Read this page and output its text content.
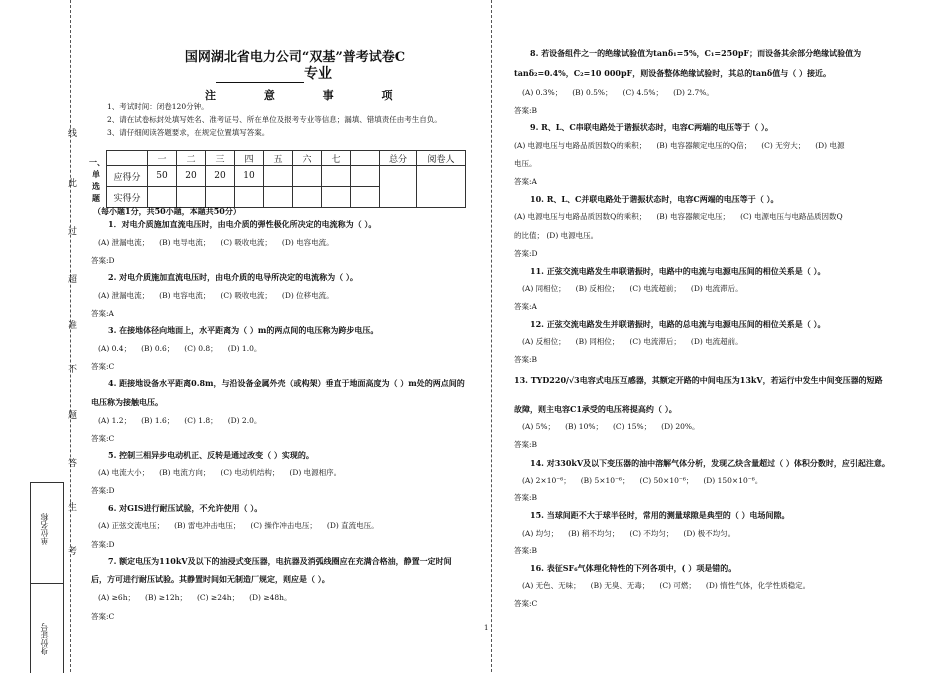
线
此
过
超
准
不
题
答
生
考
单位名称
身份证号
国网湖北省电力公司“双基”普考试卷C
专业
注 意 事 项
1、考试时间：闭卷120分钟。
2、请在试卷标封处填写姓名、准考证号、所在单位及报考专业等信息；漏填、错填责任由考生自负。
3、请仔细阅读答题要求，在规定位置填写答案。
一、单选题
	一	二	三	四	五	六	七		总分	阅卷人
应得分	50	20	20	10						
实得分										
（每小题1分，共50小题，本题共50分）
1．对电介质施加直流电压时，由电介质的弹性极化所决定的电流称为（ ）。
(A) 泄漏电流； (B) 电导电流； (C) 吸收电流； (D) 电容电流。
答案:D
2. 对电介质施加直流电压时，由电介质的电导所决定的电流称为（ ）。
(A) 泄漏电流； (B) 电容电流； (C) 吸收电流； (D) 位移电流。
答案:A
3. 在接地体径向地面上，水平距离为（ ）m的两点间的电压称为跨步电压。
(A) 0.4； (B) 0.6； (C) 0.8； (D) 1.0。
答案:C
4. 距接地设备水平距离0.8m，与沿设备金属外壳（或构架）垂直于地面高度为（ ）m处的两点间的
电压称为接触电压。
(A) 1.2； (B) 1.6； (C) 1.8； (D) 2.0。
答案:C
5. 控制三相异步电动机正、反转是通过改变（ ）实现的。
(A) 电流大小； (B) 电流方向； (C) 电动机结构； (D) 电源相序。
答案:D
6. 对GIS进行耐压试验，不允许使用（ ）。
(A) 正弦交流电压； (B) 雷电冲击电压； (C) 操作冲击电压； (D) 直流电压。
答案:D
7. 额定电压为110kV及以下的油浸式变压器，电抗器及消弧线圈应在充满合格油，静置一定时间
后，方可进行耐压试验。其静置时间如无制造厂规定，则应是（ ）。
(A) ≥6h； (B) ≥12h； (C) ≥24h； (D) ≥48h。
答案:C
8. 若设备组件之一的绝缘试验值为tanδ₁=5%，C₁=250pF；而设备其余部分绝缘试验值为
tanδ₂=0.4%，C₂=10 000pF，则设备整体绝缘试验时，其总的tanδ值与（ ）接近。
(A) 0.3%； (B) 0.5%； (C) 4.5%； (D) 2.7%。
答案:B
9. R、L、C串联电路处于谐振状态时，电容C两端的电压等于（ ）。
(A) 电源电压与电路品质因数Q的乘积； (B) 电容器额定电压的Q倍； (C) 无穷大； (D) 电源
电压。
答案:A
10. R、L、C并联电路处于谐振状态时，电容C两端的电压等于（ ）。
(A) 电源电压与电路品质因数Q的乘积； (B) 电容器额定电压； (C) 电源电压与电路品质因数Q
的比值； (D) 电源电压。
答案:D
11. 正弦交流电路发生串联谐振时，电路中的电流与电源电压间的相位关系是（ ）。
(A) 同相位； (B) 反相位； (C) 电流超前； (D) 电流滞后。
答案:A
12. 正弦交流电路发生并联谐振时，电路的总电流与电源电压间的相位关系是（ ）。
(A) 反相位； (B) 同相位； (C) 电流滞后； (D) 电流超前。
答案:B
13. TYD220/√3电容式电压互感器，其额定开路的中间电压为13kV，若运行中发生中间变压器的短路
故障，则主电容C1承受的电压将提高约（ ）。
(A) 5%； (B) 10%； (C) 15%； (D) 20%。
答案:B
14. 对330kV及以下变压器的油中溶解气体分析，发现乙炔含量超过（ ）体积分数时，应引起注意。
(A) 2×10⁻⁶； (B) 5×10⁻⁶； (C) 50×10⁻⁶； (D) 150×10⁻⁶。
答案:B
15. 当球间距不大于球半径时，常用的测量球隙是典型的（ ）电场间隙。
(A) 均匀； (B) 稍不均匀； (C) 不均匀； (D) 极不均匀。
答案:B
16. 表征SF₆气体理化特性的下列各项中，( ）项是错的。
(A) 无色、无味； (B) 无臭、无毒； (C) 可燃； (D) 惰性气体，化学性质稳定。
答案:C
1
